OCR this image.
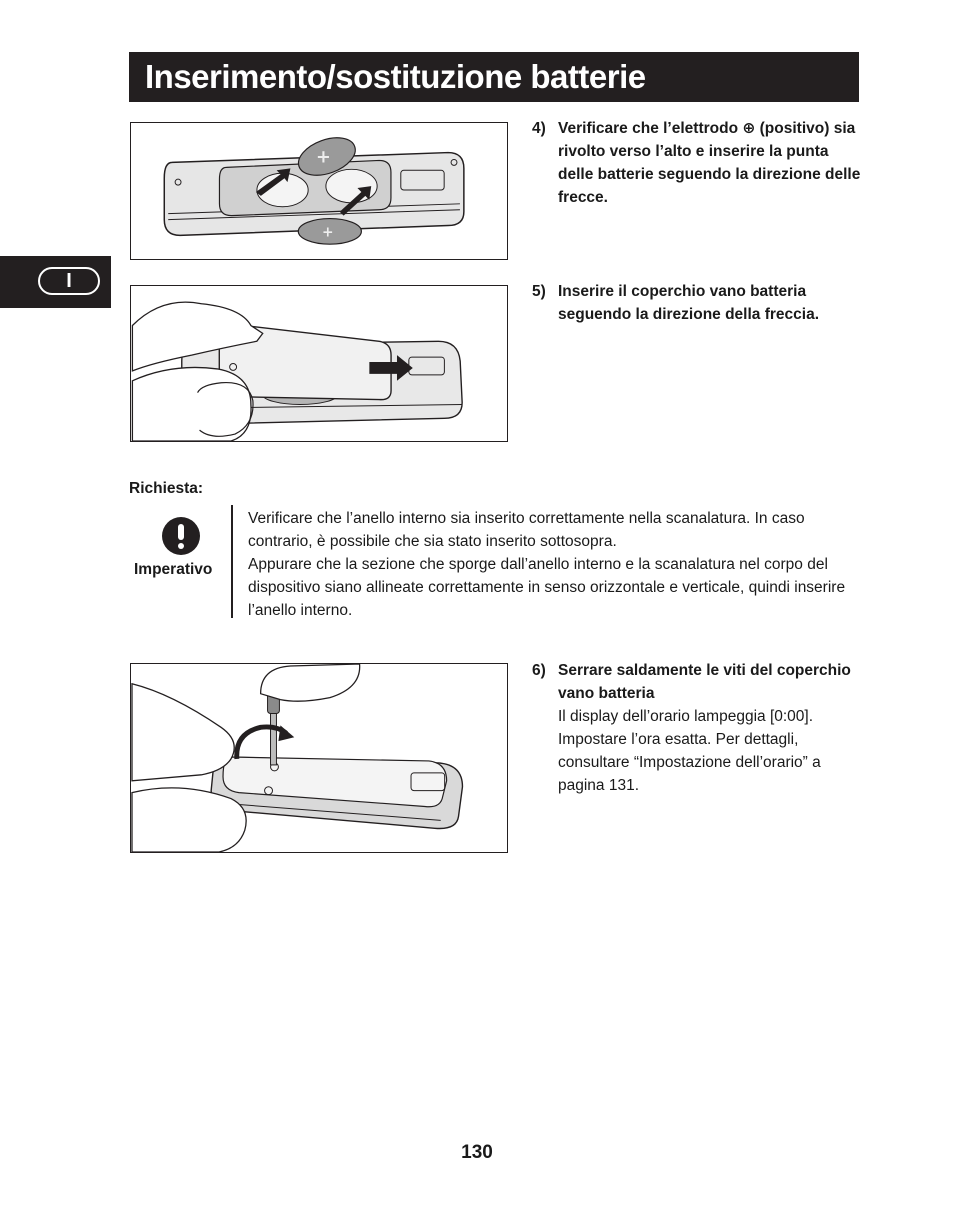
Inserimento/sostituzione batterie
I
+
+
4) Verificare che l’elettrodo ⊕ (positivo) sia rivolto verso l’alto e inserire la punta delle batterie seguendo la direzione delle frecce.
5) Inserire il coperchio vano batteria seguendo la direzione della freccia.
Richiesta:
Imperativo

Verificare che l’anello interno sia inserito correttamente nella scanalatura. In caso contrario, è possibile che sia stato inserito sottosopra.

Appurare che la sezione che sporge dall’anello interno e la scanalatura nel corpo del dispositivo siano allineate correttamente in senso orizzontale e verticale, quindi inserire l’anello interno.

6) Serrare saldamente le viti del coperchio vano batteria
Il display dell’orario lampeggia [0:00]. Impostare l’ora esatta. Per dettagli, consultare “Impostazione dell’orario” a pagina 131.
130
